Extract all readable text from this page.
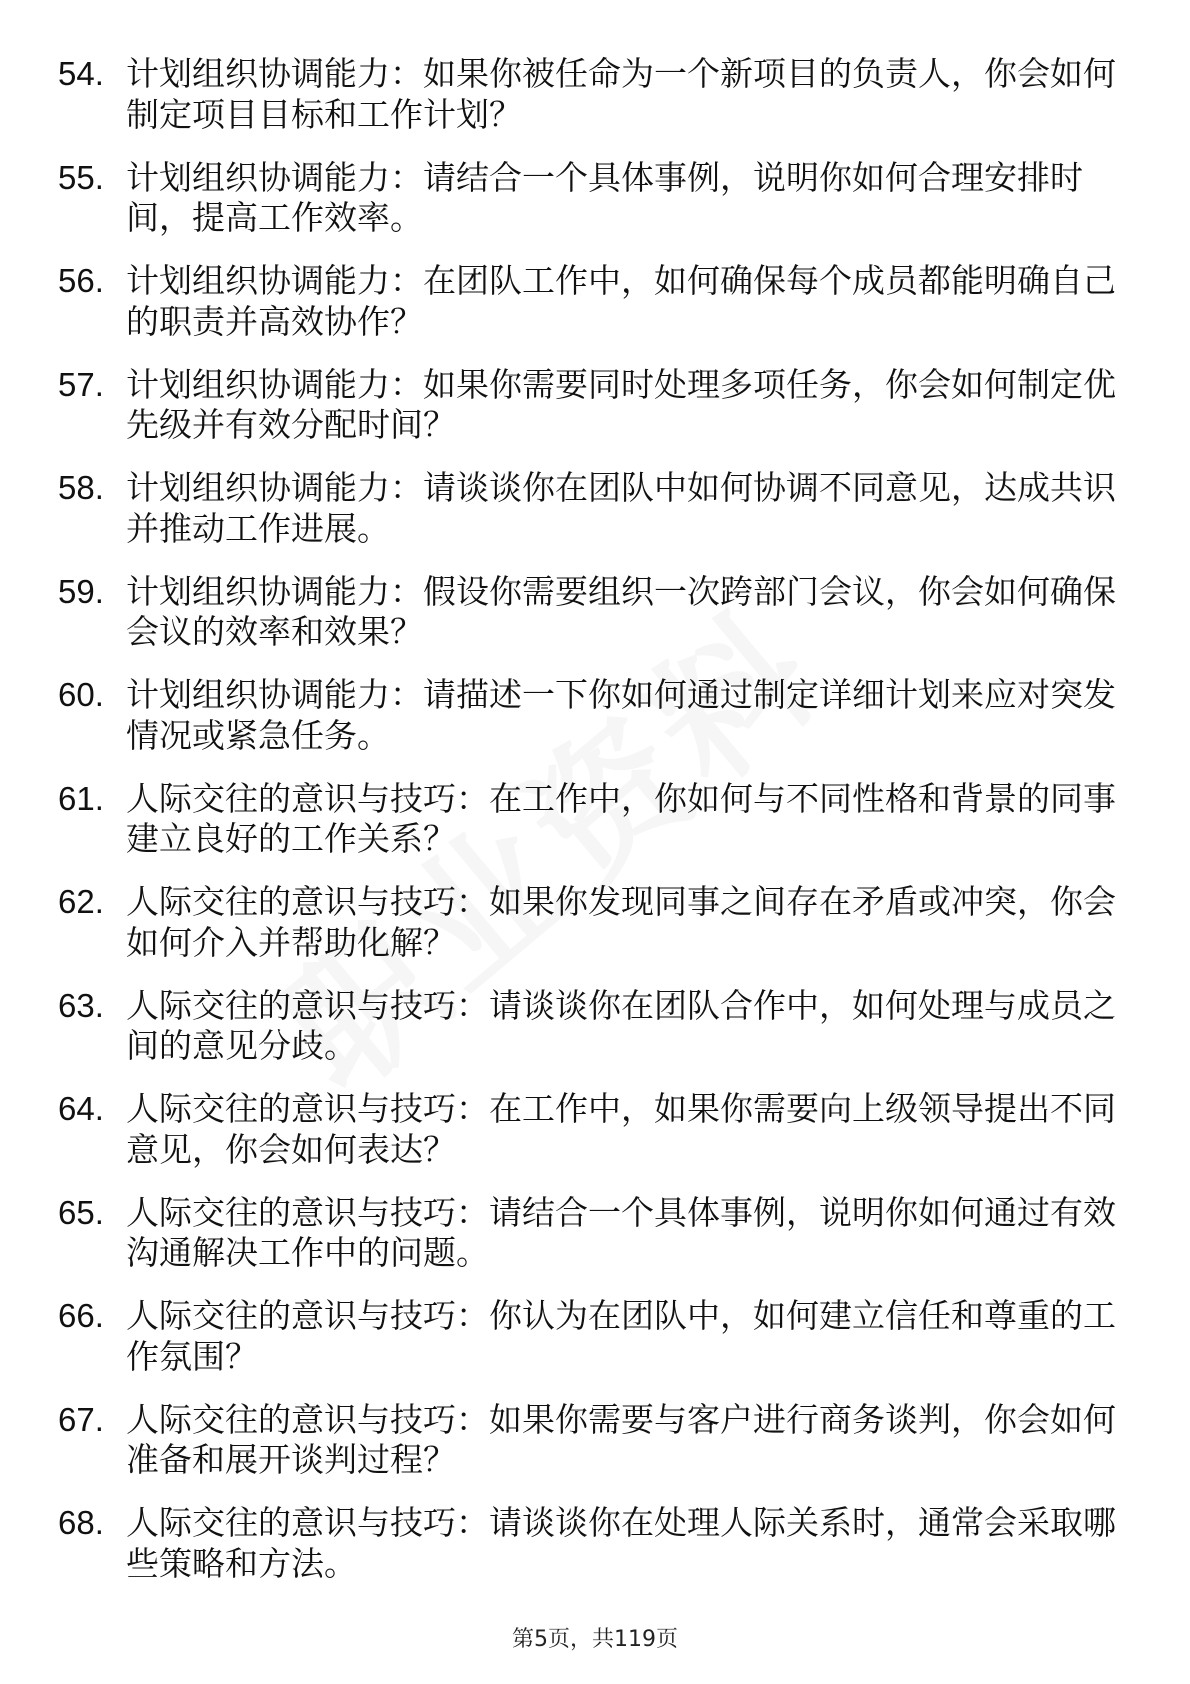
54. 计划组织协调能力：如果你被任命为一个新项目的负责人，你会如何制定项目目标和工作计划？
55. 计划组织协调能力：请结合一个具体事例，说明你如何合理安排时间，提高工作效率。
56. 计划组织协调能力：在团队工作中，如何确保每个成员都能明确自己的职责并高效协作？
57. 计划组织协调能力：如果你需要同时处理多项任务，你会如何制定优先级并有效分配时间？
58. 计划组织协调能力：请谈谈你在团队中如何协调不同意见，达成共识并推动工作进展。
59. 计划组织协调能力：假设你需要组织一次跨部门会议，你会如何确保会议的效率和效果？
60. 计划组织协调能力：请描述一下你如何通过制定详细计划来应对突发情况或紧急任务。
61. 人际交往的意识与技巧：在工作中，你如何与不同性格和背景的同事建立良好的工作关系？
62. 人际交往的意识与技巧：如果你发现同事之间存在矛盾或冲突，你会如何介入并帮助化解？
63. 人际交往的意识与技巧：请谈谈你在团队合作中，如何处理与成员之间的意见分歧。
64. 人际交往的意识与技巧：在工作中，如果你需要向上级领导提出不同意见，你会如何表达？
65. 人际交往的意识与技巧：请结合一个具体事例，说明你如何通过有效沟通解决工作中的问题。
66. 人际交往的意识与技巧：你认为在团队中，如何建立信任和尊重的工作氛围？
67. 人际交往的意识与技巧：如果你需要与客户进行商务谈判，你会如何准备和展开谈判过程？
68. 人际交往的意识与技巧：请谈谈你在处理人际关系时，通常会采取哪些策略和方法。
第5页，共119页
